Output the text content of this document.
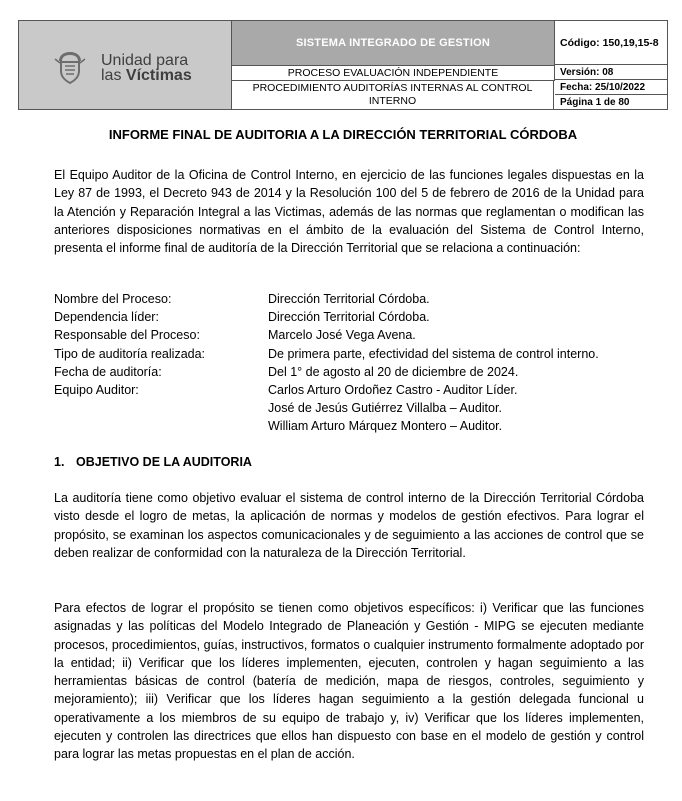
Unidad para
las Víctimas
SISTEMA INTEGRADO DE GESTION
PROCESO EVALUACIÓN INDEPENDIENTE
PROCEDIMIENTO AUDITORÍAS INTERNAS AL CONTROL INTERNO
Código: 150,19,15-8
Versión: 08
Fecha: 25/10/2022
Página 1 de 80
INFORME FINAL DE AUDITORIA A LA DIRECCIÓN TERRITORIAL CÓRDOBA
El Equipo Auditor de la Oficina de Control Interno, en ejercicio de las funciones legales dispuestas en la Ley 87 de 1993, el Decreto 943 de 2014 y la Resolución 100 del 5 de febrero de 2016 de la Unidad para la Atención y Reparación Integral a las Victimas, además de las normas que reglamentan o modifican las anteriores disposiciones normativas en el ámbito de la evaluación del Sistema de Control Interno, presenta el informe final de auditoría de la Dirección Territorial que se relaciona a continuación:
Nombre del Proceso:	Dirección Territorial Córdoba.
Dependencia líder:	Dirección Territorial Córdoba.
Responsable del Proceso:	Marcelo José Vega Avena.
Tipo de auditoría realizada:	De primera parte, efectividad del sistema de control interno.
Fecha de auditoría:	Del 1° de agosto al 20 de diciembre de 2024.
Equipo Auditor:	Carlos Arturo Ordoñez Castro - Auditor Líder.
José de Jesús Gutiérrez Villalba – Auditor.
William Arturo Márquez Montero – Auditor.
1. OBJETIVO DE LA AUDITORIA
La auditoría tiene como objetivo evaluar el sistema de control interno de la Dirección Territorial Córdoba visto desde el logro de metas, la aplicación de normas y modelos de gestión efectivos. Para lograr el propósito, se examinan los aspectos comunicacionales y de seguimiento a las acciones de control que se deben realizar de conformidad con la naturaleza de la Dirección Territorial.
Para efectos de lograr el propósito se tienen como objetivos específicos: i) Verificar que las funciones asignadas y las políticas del Modelo Integrado de Planeación y Gestión - MIPG se ejecuten mediante procesos, procedimientos, guías, instructivos, formatos o cualquier instrumento formalmente adoptado por la entidad; ii) Verificar que los líderes implementen, ejecuten, controlen y hagan seguimiento a las herramientas básicas de control (batería de medición, mapa de riesgos, controles, seguimiento y mejoramiento); iii) Verificar que los líderes hagan seguimiento a la gestión delegada funcional u operativamente a los miembros de su equipo de trabajo y, iv) Verificar que los líderes implementen, ejecuten y controlen las directrices que ellos han dispuesto con base en el modelo de gestión y control para lograr las metas propuestas en el plan de acción.
